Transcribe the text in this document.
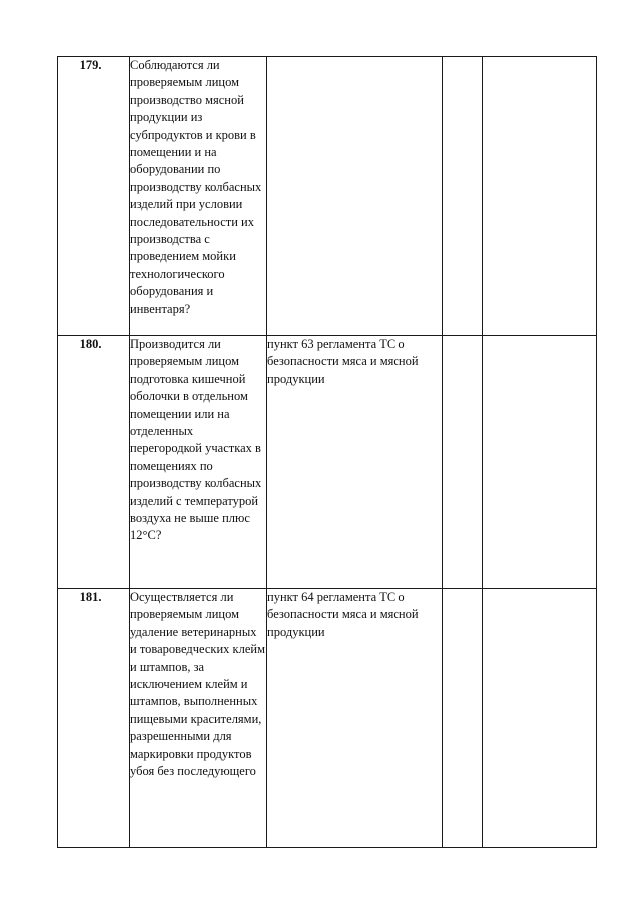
179.	Соблюдаются ли проверяемым лицом производство мясной продукции из субпродуктов и крови в помещении и на оборудовании по производству колбасных изделий при условии последовательности их производства с проведением мойки технологического оборудования и инвентаря?			
180.	Производится ли проверяемым лицом подготовка кишечной оболочки в отдельном помещении или на отделенных перегородкой участках в помещениях по производству колбасных изделий с температурой воздуха не выше плюс 12°С?	пункт 63 регламента ТС о безопасности мяса и мясной продукции		
181.	Осуществляется ли проверяемым лицом удаление ветеринарных и товароведческих клейм и штампов, за исключением клейм и штампов, выполненных пищевыми красителями, разрешенными для маркировки продуктов убоя без последующего	пункт 64 регламента ТС о безопасности мяса и мясной продукции		
